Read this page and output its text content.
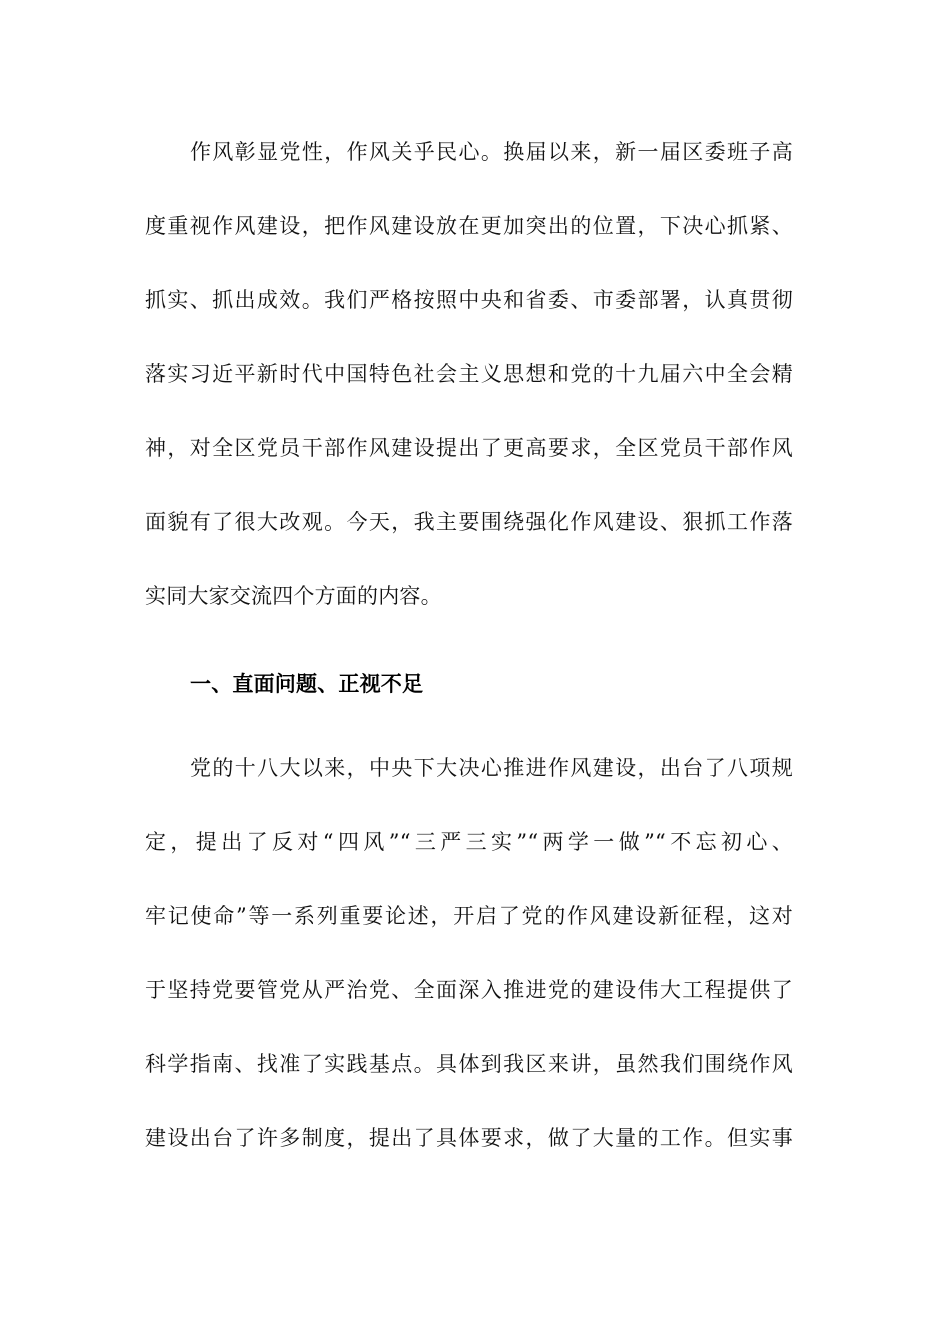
作风彰显党性，作风关乎民心。换届以来，新一届区委班子高
度重视作风建设，把作风建设放在更加突出的位置，下决心抓紧、
抓实、抓出成效。我们严格按照中央和省委、市委部署，认真贯彻
落实习近平新时代中国特色社会主义思想和党的十九届六中全会精
神，对全区党员干部作风建设提出了更高要求，全区党员干部作风
面貌有了很大改观。今天，我主要围绕强化作风建设、狠抓工作落
实同大家交流四个方面的内容。
一、直面问题、正视不足
党的十八大以来，中央下大决心推进作风建设，出台了八项规
定，提出了反对“四风”“三严三实”“两学一做”“不忘初心、
牢记使命”等一系列重要论述，开启了党的作风建设新征程，这对
于坚持党要管党从严治党、全面深入推进党的建设伟大工程提供了
科学指南、找准了实践基点。具体到我区来讲，虽然我们围绕作风
建设出台了许多制度，提出了具体要求，做了大量的工作。但实事
